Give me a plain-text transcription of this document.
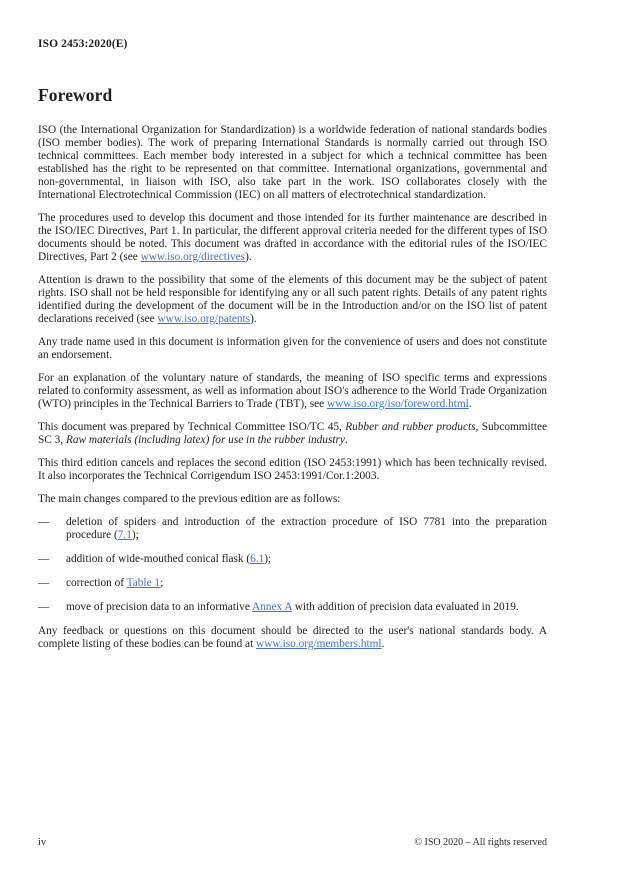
ISO 2453:2020(E)
Foreword

ISO (the International Organization for Standardization) is a worldwide federation of national standards bodies (ISO member bodies). The work of preparing International Standards is normally carried out through ISO technical committees. Each member body interested in a subject for which a technical committee has been established has the right to be represented on that committee. International organizations, governmental and non-governmental, in liaison with ISO, also take part in the work. ISO collaborates closely with the International Electrotechnical Commission (IEC) on all matters of electrotechnical standardization.

The procedures used to develop this document and those intended for its further maintenance are described in the ISO/IEC Directives, Part 1. In particular, the different approval criteria needed for the different types of ISO documents should be noted. This document was drafted in accordance with the editorial rules of the ISO/IEC Directives, Part 2 (see www.iso.org/directives).

Attention is drawn to the possibility that some of the elements of this document may be the subject of patent rights. ISO shall not be held responsible for identifying any or all such patent rights. Details of any patent rights identified during the development of the document will be in the Introduction and/or on the ISO list of patent declarations received (see www.iso.org/patents).

Any trade name used in this document is information given for the convenience of users and does not constitute an endorsement.

For an explanation of the voluntary nature of standards, the meaning of ISO specific terms and expressions related to conformity assessment, as well as information about ISO's adherence to the World Trade Organization (WTO) principles in the Technical Barriers to Trade (TBT), see www.iso.org/iso/foreword.html.

This document was prepared by Technical Committee ISO/TC 45, Rubber and rubber products, Subcommittee SC 3, Raw materials (including latex) for use in the rubber industry.

This third edition cancels and replaces the second edition (ISO 2453:1991) which has been technically revised. It also incorporates the Technical Corrigendum ISO 2453:1991/Cor.1:2003.

The main changes compared to the previous edition are as follows:

—	deletion of spiders and introduction of the extraction procedure of ISO 7781 into the preparation procedure (7.1);
—	addition of wide-mouthed conical flask (6.1);
—	correction of Table 1;
—	move of precision data to an informative Annex A with addition of precision data evaluated in 2019.

Any feedback or questions on this document should be directed to the user's national standards body. A complete listing of these bodies can be found at www.iso.org/members.html.

iv	© ISO 2020 – All rights reserved
